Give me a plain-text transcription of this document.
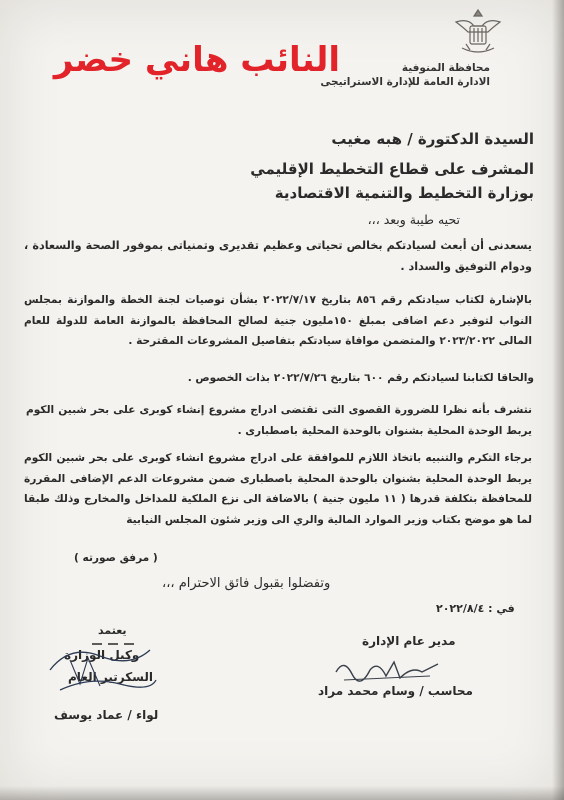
محافظة المنوفية
الادارة العامة للإدارة الاستراتيجى
النائب هاني خضر
السيدة الدكتورة / هبه مغيب
المشرف على قطاع التخطيط الإقليمي
بوزارة التخطيط والتنمية الاقتصادية
تحيه طيبة وبعد ،،،
يسعدنى أن أبعث لسيادتكم بخالص تحياتى وعظيم تقديرى وتمنياتى بموفور الصحة والسعادة ، ودوام التوفيق والسداد .
بالإشارة لكتاب سيادتكم رقم ٨٥٦ بتاريخ ٢٠٢٢/٧/١٧ بشأن توصيات لجنة الخطة والموازنة بمجلس النواب لتوفير دعم اضافى بمبلغ ١٥٠مليون جنية لصالح المحافظة بالموازنة العامة للدولة للعام المالى ٢٠٢٣/٢٠٢٢ والمتضمن موافاة سيادتكم بتفاصيل المشروعات المقترحة .
والحاقا لكتابنا لسيادتكم رقم ٦٠٠ بتاريخ ٢٠٢٢/٧/٢٦ بذات الخصوص .
نتشرف بأنه نظرا للضرورة القصوى التى تقتضى ادراج مشروع إنشاء كوبرى على بحر شبين الكوم يربط الوحدة المحلية بشنوان بالوحدة المحلية باصطبارى .
برجاء التكرم والتنبيه باتخاذ اللازم للموافقة على ادراج مشروع انشاء كوبرى على بحر شبين الكوم يربط الوحدة المحلية بشنوان بالوحدة المحلية باصطبارى ضمن مشروعات الدعم الإضافى المقررة للمحافظة بتكلفة قدرها ( ١١ مليون جنية ) بالاضافة الى نزع الملكية للمداخل والمخارج وذلك طبقا لما هو موضح بكتاب وزير الموارد المالية والري الى وزير شئون المجلس النيابية
( مرفق صورته )
وتفضلوا بقبول فائق الاحترام ،،،
في : ٢٠٢٢/٨/٤
مدير عام الإدارة
محاسب / وسام محمد مراد
يعتمد
وكيل الوزارة
السكرتير العام
لواء / عماد يوسف
